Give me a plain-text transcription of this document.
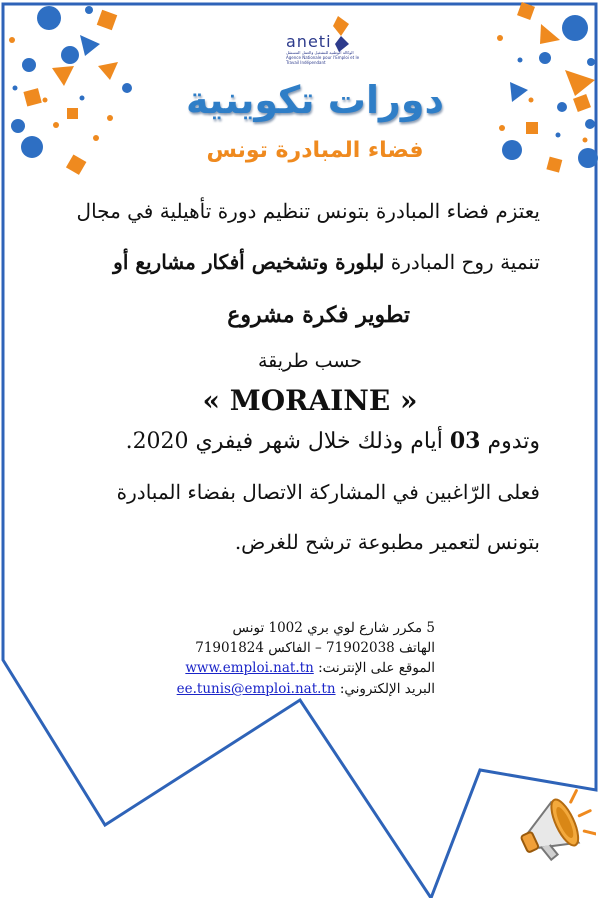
aneti
الوكالة الوطنية للتشغيل والعمل المستقل Agence Nationale pour l'Emploi et le Travail Indépendant
دورات تكوينية
فضاء المبادرة تونس
يعتزم فضاء المبادرة بتونس تنظيم دورة تأهيلية في مجال
تنمية روح المبادرة لبلورة وتشخيص أفكار مشاريع أو
تطوير فكرة مشروع
حسب طريقة
« MORAINE »
وتدوم 03 أيام وذلك خلال شهر فيفري 2020.
فعلى الرّاغبين في المشاركة الاتصال بفضاء المبادرة
بتونس لتعمير مطبوعة ترشح للغرض.
5 مكرر شارع لوي بري 1002 تونس
الهاتف 71902038 – الفاكس 71901824
الموقع على الإنترنت: www.emploi.nat.tn
البريد الإلكتروني: ee.tunis@emploi.nat.tn
